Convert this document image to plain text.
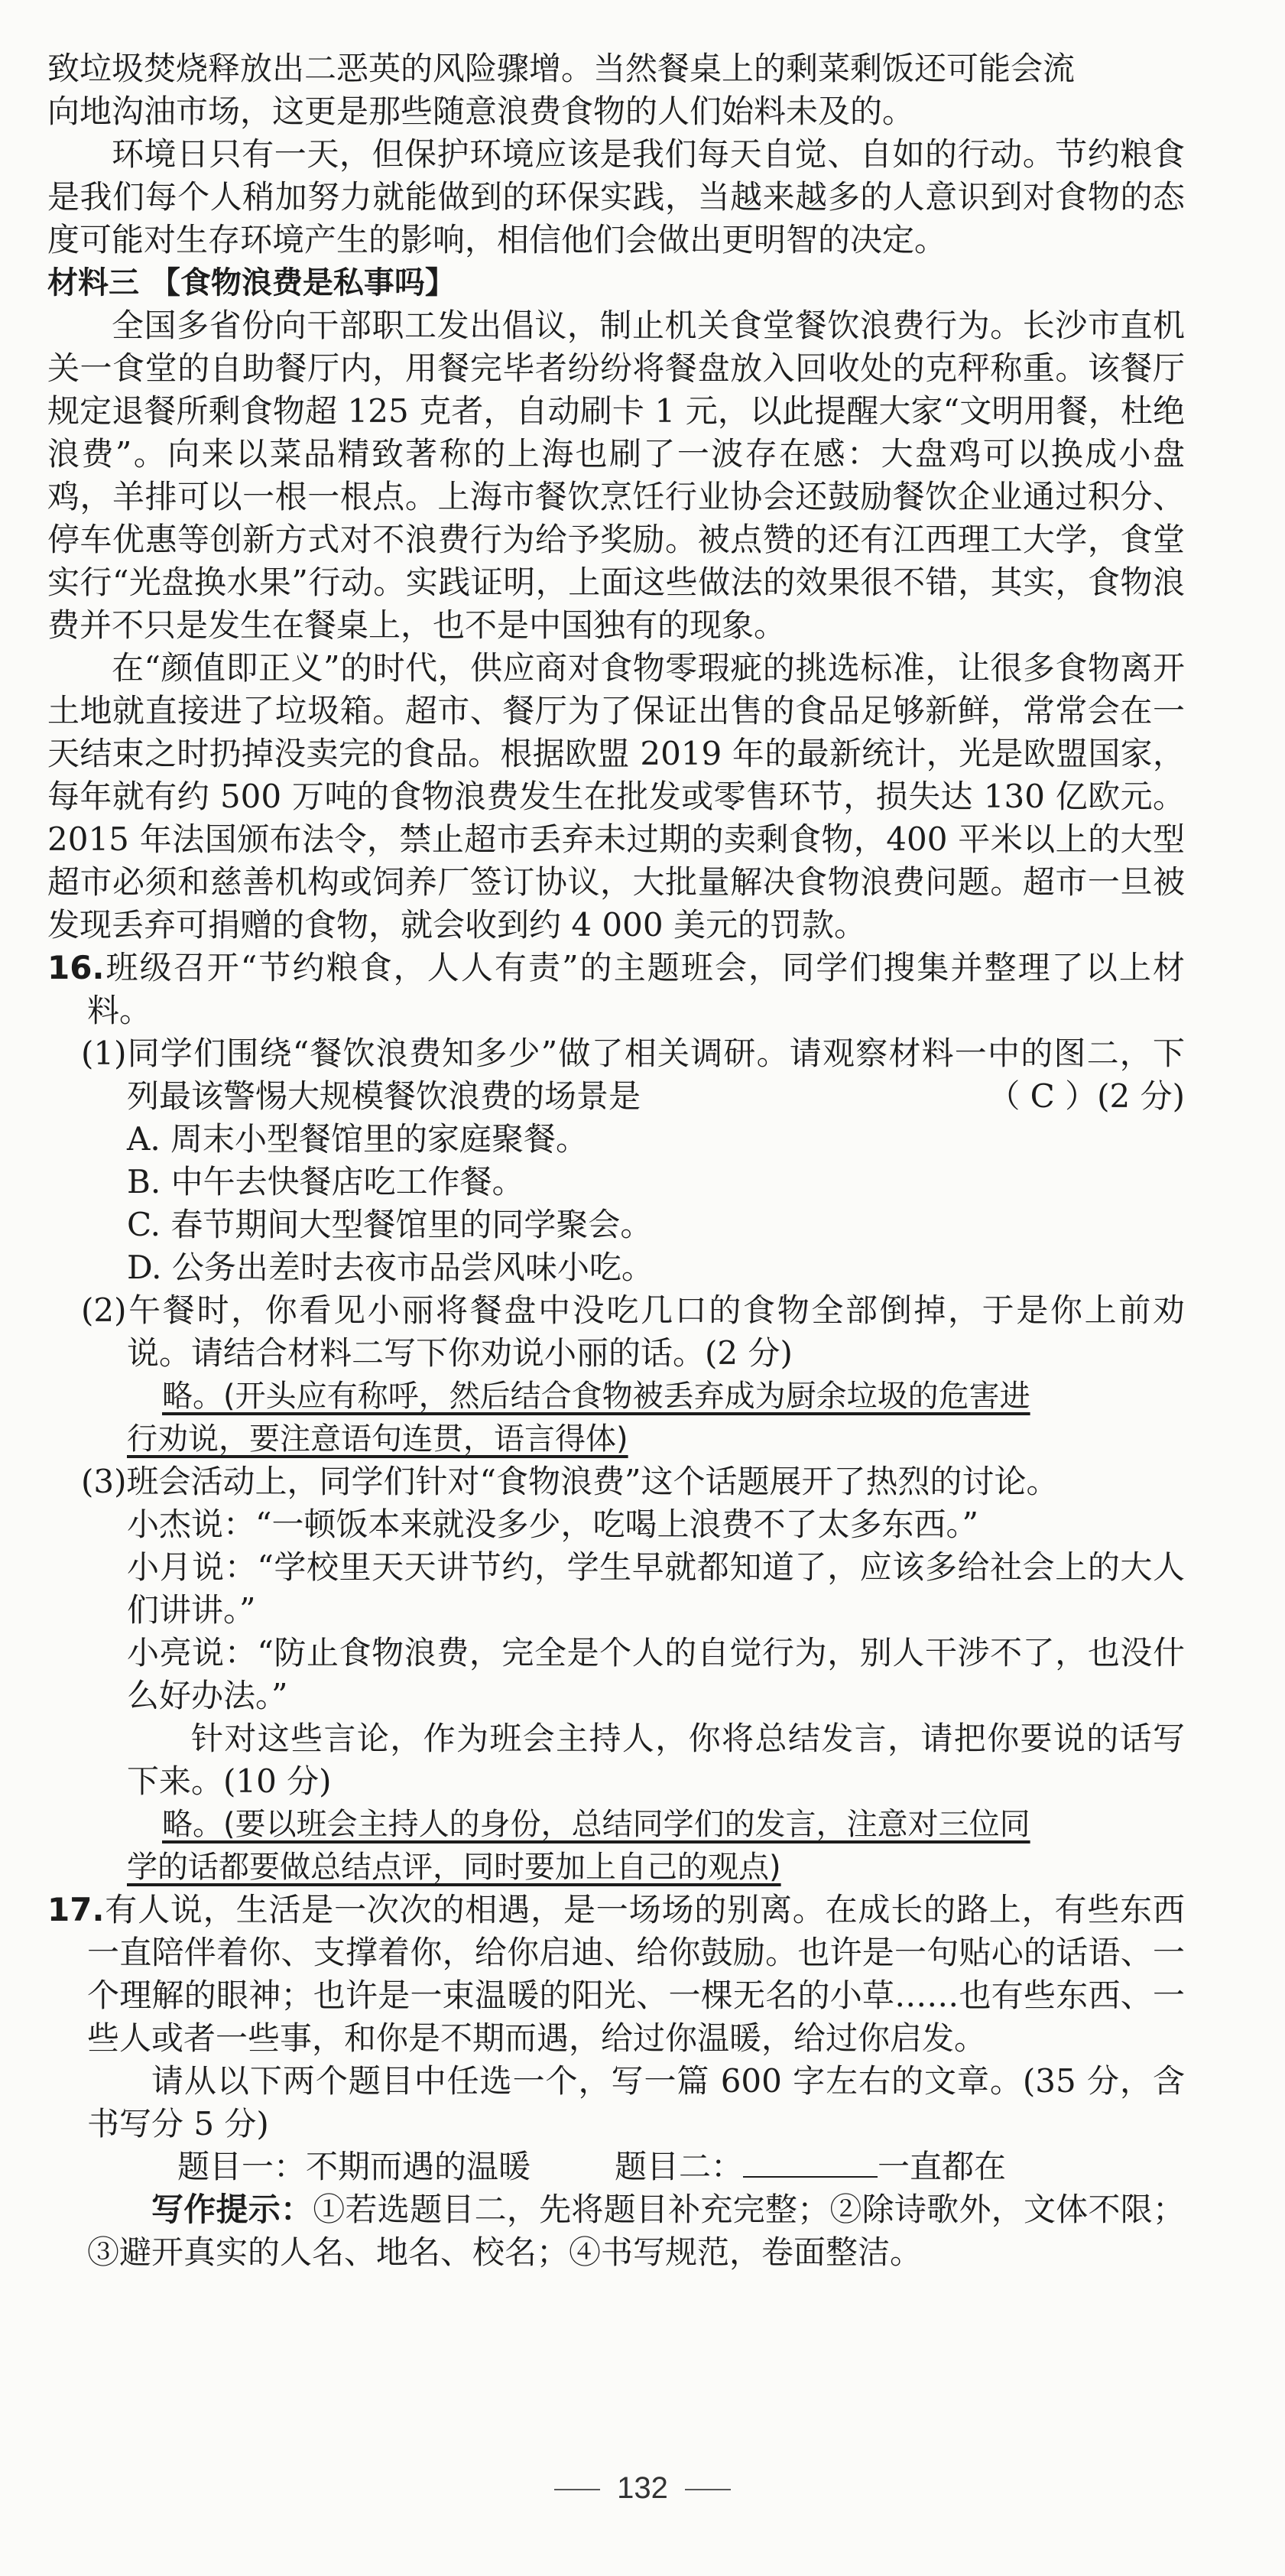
致垃圾焚烧释放出二恶英的风险骤增。当然餐桌上的剩菜剩饭还可能会流
向地沟油市场，这更是那些随意浪费食物的人们始料未及的。
环境日只有一天，但保护环境应该是我们每天自觉、自如的行动。节约粮食是我们每个人稍加努力就能做到的环保实践，当越来越多的人意识到对食物的态度可能对生存环境产生的影响，相信他们会做出更明智的决定。
材料三 【食物浪费是私事吗】
全国多省份向干部职工发出倡议，制止机关食堂餐饮浪费行为。长沙市直机关一食堂的自助餐厅内，用餐完毕者纷纷将餐盘放入回收处的克秤称重。该餐厅规定退餐所剩食物超 125 克者，自动刷卡 1 元，以此提醒大家“文明用餐，杜绝浪费”。向来以菜品精致著称的上海也刷了一波存在感：大盘鸡可以换成小盘鸡，羊排可以一根一根点。上海市餐饮烹饪行业协会还鼓励餐饮企业通过积分、停车优惠等创新方式对不浪费行为给予奖励。被点赞的还有江西理工大学，食堂实行“光盘换水果”行动。实践证明，上面这些做法的效果很不错，其实，食物浪费并不只是发生在餐桌上，也不是中国独有的现象。
在“颜值即正义”的时代，供应商对食物零瑕疵的挑选标准，让很多食物离开土地就直接进了垃圾箱。超市、餐厅为了保证出售的食品足够新鲜，常常会在一天结束之时扔掉没卖完的食品。根据欧盟 2019 年的最新统计，光是欧盟国家，每年就有约 500 万吨的食物浪费发生在批发或零售环节，损失达 130 亿欧元。2015 年法国颁布法令，禁止超市丢弃未过期的卖剩食物，400 平米以上的大型超市必须和慈善机构或饲养厂签订协议，大批量解决食物浪费问题。超市一旦被发现丢弃可捐赠的食物，就会收到约 4 000 美元的罚款。
16.班级召开“节约粮食，人人有责”的主题班会，同学们搜集并整理了以上材料。
(1)同学们围绕“餐饮浪费知多少”做了相关调研。请观察材料一中的图二，下列最该警惕大规模餐饮浪费的场景是	（ C ）(2 分)
A. 周末小型餐馆里的家庭聚餐。
B. 中午去快餐店吃工作餐。
C. 春节期间大型餐馆里的同学聚会。
D. 公务出差时去夜市品尝风味小吃。
(2)午餐时，你看见小丽将餐盘中没吃几口的食物全部倒掉，于是你上前劝说。请结合材料二写下你劝说小丽的话。(2 分)
略。(开头应有称呼，然后结合食物被丢弃成为厨余垃圾的危害进
行劝说，要注意语句连贯，语言得体)
(3)班会活动上，同学们针对“食物浪费”这个话题展开了热烈的讨论。
小杰说：“一顿饭本来就没多少，吃喝上浪费不了太多东西。”
小月说：“学校里天天讲节约，学生早就都知道了，应该多给社会上的大人们讲讲。”
小亮说：“防止食物浪费，完全是个人的自觉行为，别人干涉不了，也没什么好办法。”
针对这些言论，作为班会主持人，你将总结发言，请把你要说的话写下来。(10 分)
略。(要以班会主持人的身份，总结同学们的发言，注意对三位同
学的话都要做总结点评，同时要加上自己的观点)
17.有人说，生活是一次次的相遇，是一场场的别离。在成长的路上，有些东西一直陪伴着你、支撑着你，给你启迪、给你鼓励。也许是一句贴心的话语、一个理解的眼神；也许是一束温暖的阳光、一棵无名的小草……也有些东西、一些人或者一些事，和你是不期而遇，给过你温暖，给过你启发。
请从以下两个题目中任选一个，写一篇 600 字左右的文章。(35 分，含书写分 5 分)
题目一：不期而遇的温暖	题目二：	一直都在
写作提示：①若选题目二，先将题目补充完整；②除诗歌外，文体不限；③避开真实的人名、地名、校名；④书写规范，卷面整洁。
132
